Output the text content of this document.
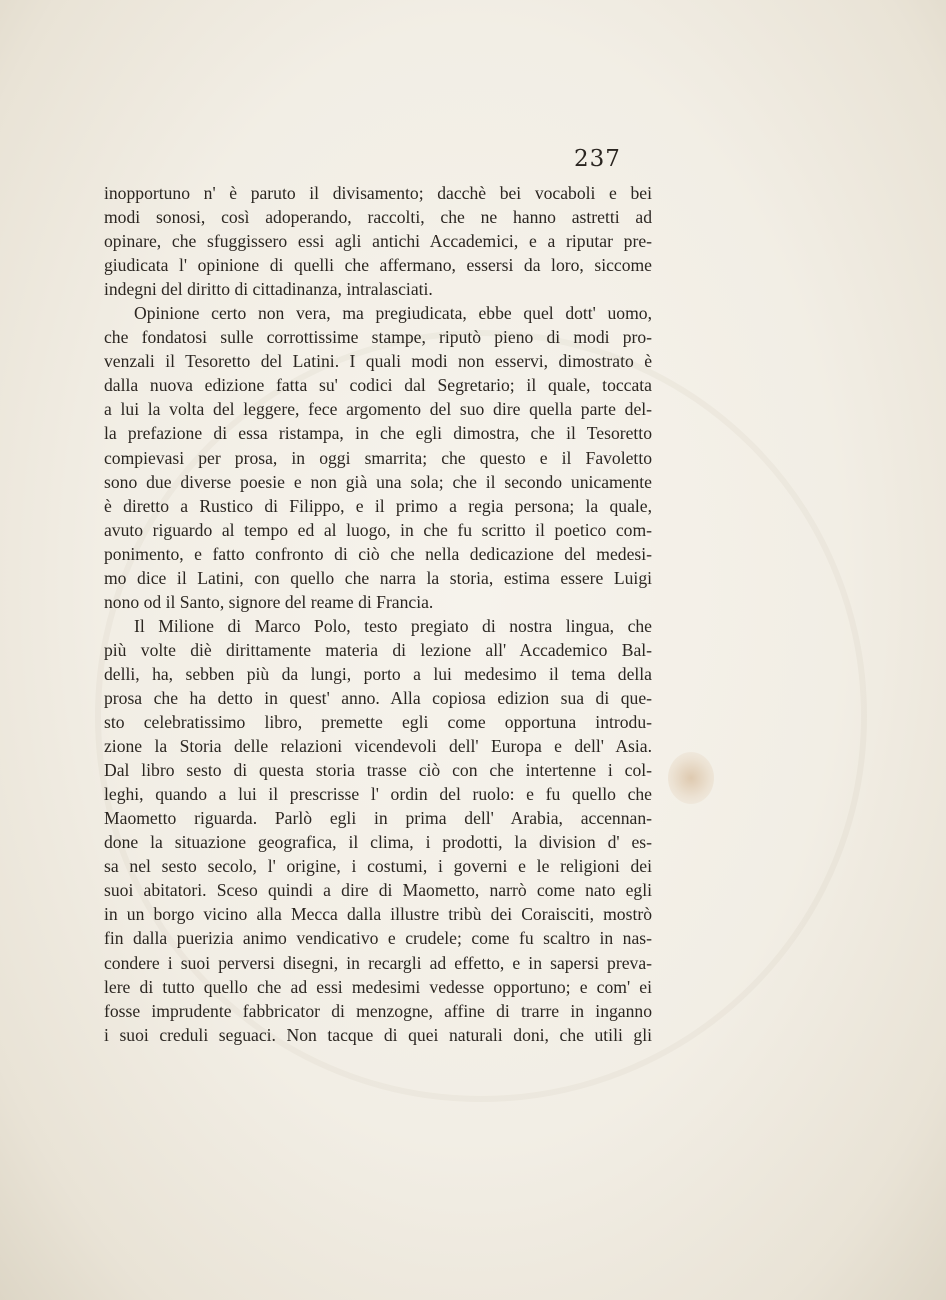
237
inopportuno n' è paruto il divisamento; dacchè bei vocaboli e bei
modi sonosi, così adoperando, raccolti, che ne hanno astretti ad
opinare, che sfuggissero essi agli antichi Accademici, e a riputar pre-
giudicata l' opinione di quelli che affermano, essersi da loro, siccome
indegni del diritto di cittadinanza, intralasciati.
Opinione certo non vera, ma pregiudicata, ebbe quel dott' uomo,
che fondatosi sulle corrottissime stampe, riputò pieno di modi pro-
venzali il Tesoretto del Latini. I quali modi non esservi, dimostrato è
dalla nuova edizione fatta su' codici dal Segretario; il quale, toccata
a lui la volta del leggere, fece argomento del suo dire quella parte del-
la prefazione di essa ristampa, in che egli dimostra, che il Tesoretto
compievasi per prosa, in oggi smarrita; che questo e il Favoletto
sono due diverse poesie e non già una sola; che il secondo unicamente
è diretto a Rustico di Filippo, e il primo a regia persona; la quale,
avuto riguardo al tempo ed al luogo, in che fu scritto il poetico com-
ponimento, e fatto confronto di ciò che nella dedicazione del medesi-
mo dice il Latini, con quello che narra la storia, estima essere Luigi
nono od il Santo, signore del reame di Francia.
Il Milione di Marco Polo, testo pregiato di nostra lingua, che
più volte diè dirittamente materia di lezione all' Accademico Bal-
delli, ha, sebben più da lungi, porto a lui medesimo il tema della
prosa che ha detto in quest' anno. Alla copiosa edizion sua di que-
sto celebratissimo libro, premette egli come opportuna introdu-
zione la Storia delle relazioni vicendevoli dell' Europa e dell' Asia.
Dal libro sesto di questa storia trasse ciò con che intertenne i col-
leghi, quando a lui il prescrisse l' ordin del ruolo: e fu quello che
Maometto riguarda. Parlò egli in prima dell' Arabia, accennan-
done la situazione geografica, il clima, i prodotti, la division d' es-
sa nel sesto secolo, l' origine, i costumi, i governi e le religioni dei
suoi abitatori. Sceso quindi a dire di Maometto, narrò come nato egli
in un borgo vicino alla Mecca dalla illustre tribù dei Coraisciti, mostrò
fin dalla puerizia animo vendicativo e crudele; come fu scaltro in nas-
condere i suoi perversi disegni, in recargli ad effetto, e in sapersi preva-
lere di tutto quello che ad essi medesimi vedesse opportuno; e com' ei
fosse imprudente fabbricator di menzogne, affine di trarre in inganno
i suoi creduli seguaci. Non tacque di quei naturali doni, che utili gli
